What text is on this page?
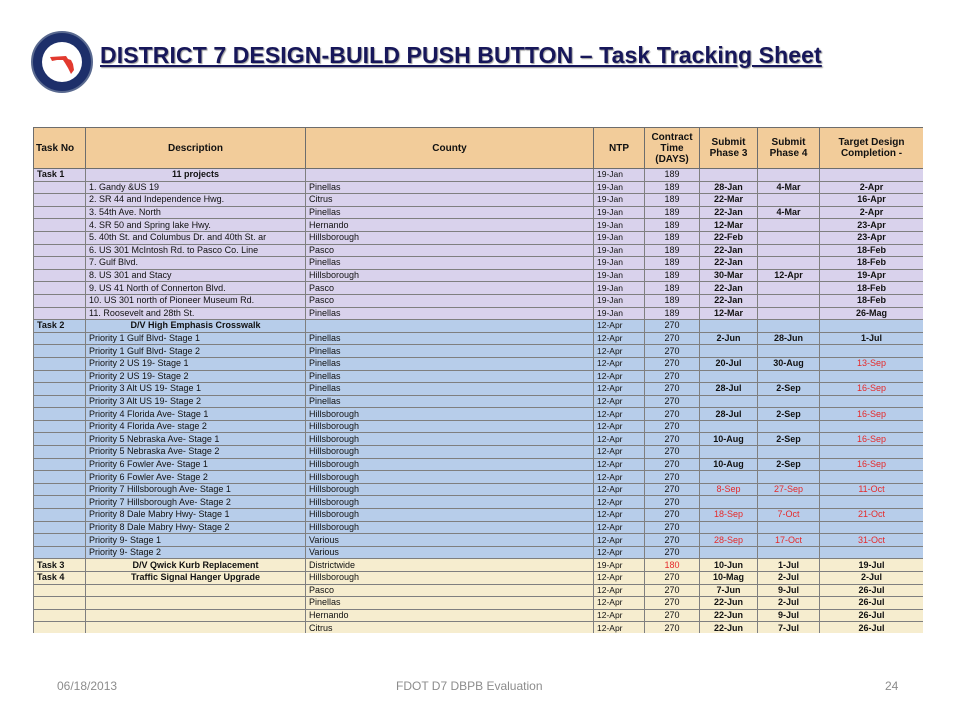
DISTRICT 7 DESIGN-BUILD PUSH BUTTON – Task Tracking Sheet
Task No	Description	County	NTP	Contract Time (DAYS)	Submit Phase 3	Submit Phase 4	Target Design Completion -
Task 1	11 projects		19-Jan	189			
	1. Gandy &US 19	Pinellas	19-Jan	189	28-Jan	4-Mar	2-Apr
	2. SR 44 and Independence Hwg.	Citrus	19-Jan	189	22-Mar		16-Apr
	3. 54th Ave. North	Pinellas	19-Jan	189	22-Jan	4-Mar	2-Apr
	4. SR 50 and Spring lake Hwy.	Hernando	19-Jan	189	12-Mar		23-Apr
	5. 40th St. and Columbus Dr. and 40th St. ar	Hillsborough	19-Jan	189	22-Feb		23-Apr
	6. US 301 McIntosh Rd. to Pasco Co. Line	Pasco	19-Jan	189	22-Jan		18-Feb
	7. Gulf Blvd.	Pinellas	19-Jan	189	22-Jan		18-Feb
	8. US 301 and Stacy	Hillsborough	19-Jan	189	30-Mar	12-Apr	19-Apr
	9. US 41 North of Connerton Blvd.	Pasco	19-Jan	189	22-Jan		18-Feb
	10. US 301 north of Pioneer Museum Rd.	Pasco	19-Jan	189	22-Jan		18-Feb
	11. Roosevelt and 28th St.	Pinellas	19-Jan	189	12-Mar		26-Mag
Task 2	D/V High Emphasis Crosswalk		12-Apr	270			
	Priority 1 Gulf Blvd- Stage 1	Pinellas	12-Apr	270	2-Jun	28-Jun	1-Jul
	Priority 1 Gulf Blvd- Stage 2	Pinellas	12-Apr	270			
	Priority 2 US 19- Stage 1	Pinellas	12-Apr	270	20-Jul	30-Aug	13-Sep
	Priority 2 US 19- Stage 2	Pinellas	12-Apr	270			
	Priority 3 Alt US 19- Stage 1	Pinellas	12-Apr	270	28-Jul	2-Sep	16-Sep
	Priority 3 Alt US 19- Stage 2	Pinellas	12-Apr	270			
	Priority 4 Florida Ave- Stage 1	Hillsborough	12-Apr	270	28-Jul	2-Sep	16-Sep
	Priority 4 Florida Ave- stage 2	Hillsborough	12-Apr	270			
	Priority 5 Nebraska Ave- Stage 1	Hillsborough	12-Apr	270	10-Aug	2-Sep	16-Sep
	Priority 5 Nebraska Ave- Stage 2	Hillsborough	12-Apr	270			
	Priority 6 Fowler Ave- Stage 1	Hillsborough	12-Apr	270	10-Aug	2-Sep	16-Sep
	Priority 6 Fowler Ave- Stage 2	Hillsborough	12-Apr	270			
	Priority 7 Hillsborough Ave- Stage 1	Hillsborough	12-Apr	270	8-Sep	27-Sep	11-Oct
	Priority 7 Hillsborough Ave- Stage 2	Hillsborough	12-Apr	270			
	Priority 8 Dale Mabry Hwy- Stage 1	Hillsborough	12-Apr	270	18-Sep	7-Oct	21-Oct
	Priority 8 Dale Mabry Hwy- Stage 2	Hillsborough	12-Apr	270			
	Priority 9- Stage 1	Various	12-Apr	270	28-Sep	17-Oct	31-Oct
	Priority 9- Stage 2	Various	12-Apr	270			
Task 3	D/V Qwick Kurb Replacement	Districtwide	19-Apr	180	10-Jun	1-Jul	19-Jul
Task 4	Traffic Signal Hanger Upgrade	Hillsborough	12-Apr	270	10-Mag	2-Jul	2-Jul
		Pasco	12-Apr	270	7-Jun	9-Jul	26-Jul
		Pinellas	12-Apr	270	22-Jun	2-Jul	26-Jul
		Hernando	12-Apr	270	22-Jun	9-Jul	26-Jul
		Citrus	12-Apr	270	22-Jun	7-Jul	26-Jul
06/18/2013	FDOT D7 DBPB Evaluation	24
